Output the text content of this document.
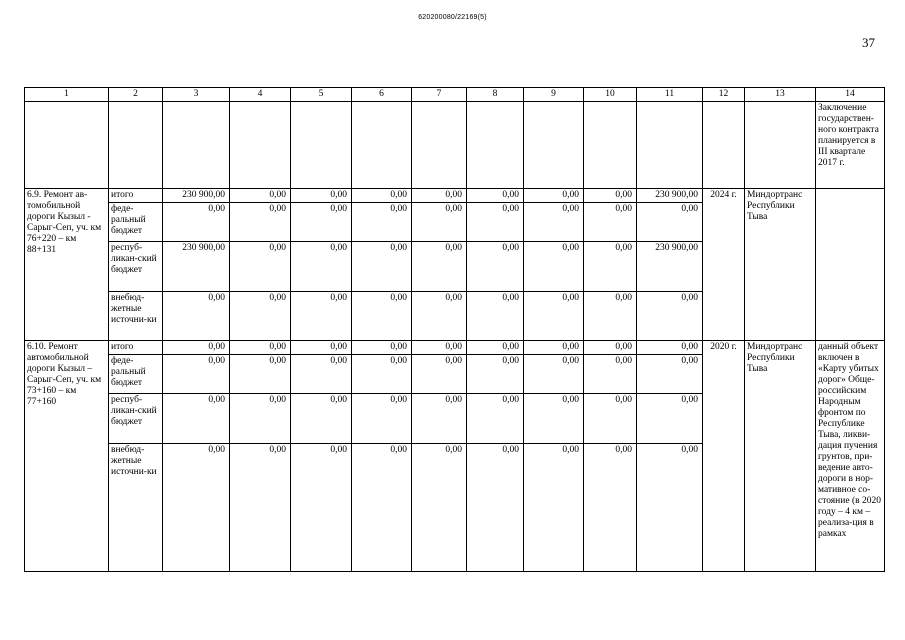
620200080/22169(5)
37
1	2	3	4	5	6	7	8	9	10	11	12	13	14
													Заключение государствен-ного контракта планируется в III квартале 2017 г.
6.9. Ремонт ав-томобильной дороги Кызыл - Сарыг-Сеп, уч. км 76+220 – км 88+131	итого	230 900,00	0,00	0,00	0,00	0,00	0,00	0,00	0,00	230 900,00	2024 г.	Миндортранс Республики Тыва	
	феде-ральный бюджет	0,00	0,00	0,00	0,00	0,00	0,00	0,00	0,00	0,00			
	респуб-ликан-ский бюджет	230 900,00	0,00	0,00	0,00	0,00	0,00	0,00	0,00	230 900,00			
	внебюд-жетные источни-ки	0,00	0,00	0,00	0,00	0,00	0,00	0,00	0,00	0,00			
6.10. Ремонт автомобильной дороги Кызыл – Сарыг-Сеп, уч. км 73+160 – км 77+160	итого	0,00	0,00	0,00	0,00	0,00	0,00	0,00	0,00	0,00	2020 г.	Миндортранс Республики Тыва	данный объект включен в «Карту убитых дорог» Обще-российским Народным фронтом по Республике Тыва, ликви-дация пучения грунтов, при-ведение авто-дороги в нор-мативное со-стояние (в 2020 году – 4 км – реализа-ция в рамках
	феде-ральный бюджет	0,00	0,00	0,00	0,00	0,00	0,00	0,00	0,00	0,00			
	респуб-ликан-ский бюджет	0,00	0,00	0,00	0,00	0,00	0,00	0,00	0,00	0,00			
	внебюд-жетные источни-ки	0,00	0,00	0,00	0,00	0,00	0,00	0,00	0,00	0,00			
